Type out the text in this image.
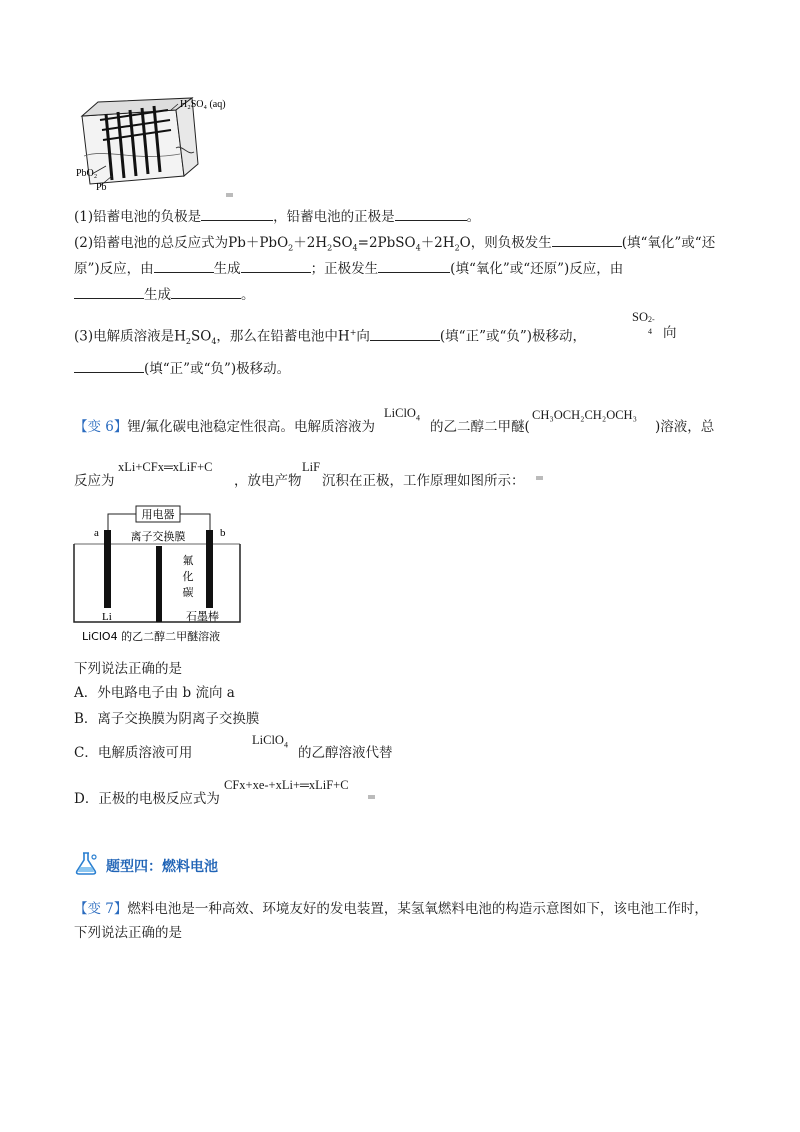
H₂SO₄ (aq)
PbO₂
Pb
(1)铅蓄电池的负极是	，铅蓄电池的正极是	。
(2)铅蓄电池的总反应式为$Pb+PbO_2+2H_2SO_4=2PbSO_4+2H_2O$，则负极发生	(填“氧化”或“还
原”)反应，由	生成	；正极发生	(填“氧化”或“还原”)反应，由
生成	。
(3)电解质溶液是$H_2SO_4$，那么在铅蓄电池中H+向	(填“正”或“负”)极移动，
SO 2-
4 向
(填“正”或“负”)极移动。
【变 6】锂/氟化碳电池稳定性很高。电解质溶液为
LiClO$_4$
的乙二醇二甲醚(
CH₃OCH₂CH₂OCH₃
)溶液，总
反应为
xLi+CFx═xLiF+C
，放电产物
LiF
沉积在正极，工作原理如图所示：
用电器
a	b
离子交换膜
氟
化
碳
Li	石墨棒
LiClO4 的乙二醇二甲醚溶液
下列说法正确的是
A．外电路电子由 b 流向 a
B．离子交换膜为阴离子交换膜
C．电解质溶液可用
LiClO$_4$ 的乙醇溶液代替
D．正极的电极反应式为
CFx+xe-+xLi+═xLiF+C
题型四：燃料电池
【变 7】燃料电池是一种高效、环境友好的发电装置，某氢氧燃料电池的构造示意图如下，该电池工作时，
下列说法正确的是
